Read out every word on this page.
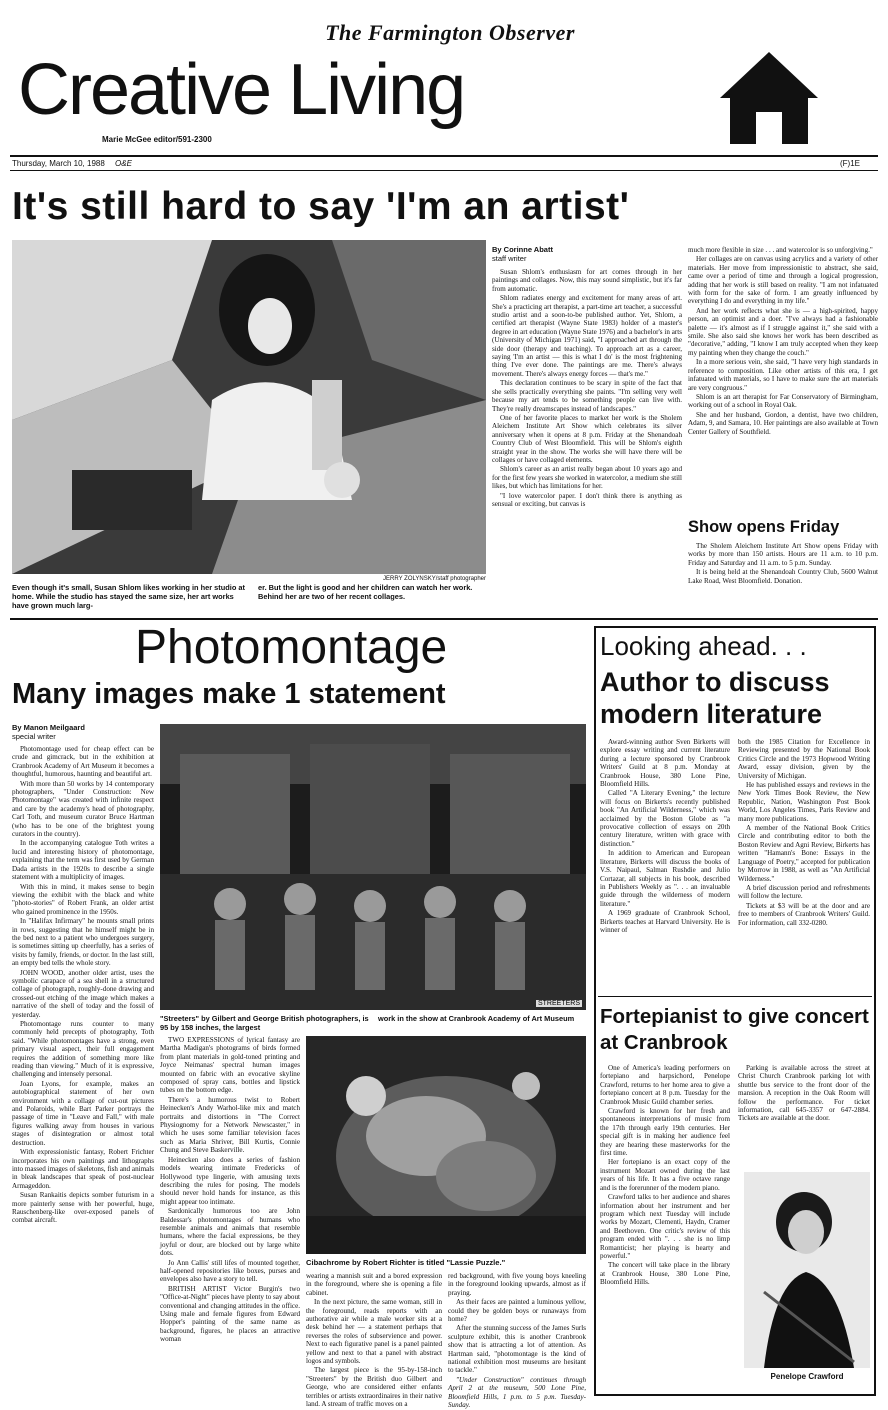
The Farmington Observer
Creative Living
Marie McGee editor/591-2300
Thursday, March 10, 1988 O&E	(F)1E
It's still hard to say 'I'm an artist'
JERRY ZOLYNSKY/staff photographer
Even though it's small, Susan Shlom likes working in her studio at home. While the studio has stayed the same size, her art works have grown much larg-
er. But the light is good and her children can watch her work. Behind her are two of her recent collages.
By Corinne Abatt
staff writer

Susan Shlom's enthusiasm for art comes through in her paintings and collages. Now, this may sound simplistic, but it's far from automatic.

Shlom radiates energy and excitement for many areas of art. She's a practicing art therapist, a part-time art teacher, a successful studio artist and a soon-to-be published author. Yet, Shlom, a certified art therapist (Wayne State 1983) holder of a master's degree in art education (Wayne State 1976) and a bachelor's in arts (University of Michigan 1971) said, "I approached art through the side door (therapy and teaching). To approach art as a career, saying 'I'm an artist — this is what I do' is the most frightening thing I've ever done. The paintings are me. There's always movement. There's always energy forces — that's me."

This declaration continues to be scary in spite of the fact that she sells practically everything she paints. "I'm selling very well because my art tends to be something people can live with. They're really dreamscapes instead of landscapes."

One of her favorite places to market her work is the Sholem Aleichem Institute Art Show which celebrates its silver anniversary when it opens at 8 p.m. Friday at the Shenandoah Country Club of West Bloomfield. This will be Shlom's eighth straight year in the show. The works she will have there will be collages or have collaged elements.

Shlom's career as an artist really began about 10 years ago and for the first few years she worked in watercolor, a medium she still likes, but which has limitations for her.

"I love watercolor paper. I don't think there is anything as sensual or exciting, but canvas is

much more flexible in size . . . and watercolor is so unforgiving."

Her collages are on canvas using acrylics and a variety of other materials. Her move from impressionistic to abstract, she said, came over a period of time and through a logical progression, adding that her work is still based on reality. "I am not infatuated with form for the sake of form. I am greatly influenced by everything I do and everything in my life."

And her work reflects what she is — a high-spirited, happy person, an optimist and a doer. "I've always had a fashionable palette — it's almost as if I struggle against it," she said with a smile. She also said she knows her work has been described as "decorative," adding, "I know I am truly accepted when they keep my painting when they change the couch."

In a more serious vein, she said, "I have very high standards in reference to composition. Like other artists of this era, I get infatuated with materials, so I have to make sure the art materials are very congruous."

Shlom is an art therapist for Far Conservatory of Birmingham, working out of a school in Royal Oak.

She and her husband, Gordon, a dentist, have two children, Adam, 9, and Samara, 10. Her paintings are also available at Town Center Gallery of Southfield.

Show opens Friday

The Sholem Aleichem Institute Art Show opens Friday with works by more than 150 artists. Hours are 11 a.m. to 10 p.m. Friday and Saturday and 11 a.m. to 5 p.m. Sunday.

It is being held at the Shenandoah Country Club, 5600 Walnut Lake Road, West Bloomfield. Donation.

Photomontage
Many images make 1 statement
By Manon Meilgaard
special writer

Photomontage used for cheap effect can be crude and gimcrack, but in the exhibition at Cranbrook Academy of Art Museum it becomes a thoughtful, humorous, haunting and beautiful art.

With more than 50 works by 14 contemporary photographers, "Under Construction: New Photomontage" was created with infinite respect and care by the academy's head of photography, Carl Toth, and museum curator Bruce Hartman (who has to be one of the brightest young curators in the country).

In the accompanying catalogue Toth writes a lucid and interesting history of photomontage, explaining that the term was first used by German Dada artists in the 1920s to describe a single statement with a multiplicity of images.

With this in mind, it makes sense to begin viewing the exhibit with the black and white "photo-stories" of Robert Frank, an older artist who gained prominence in the 1950s.

In "Halifax Infirmary" he mounts small prints in rows, suggesting that he himself might be in the bed next to a patient who undergoes surgery, is sometimes sitting up cheerfully, has a series of visits by family, friends, or doctor. In the last still, an empty bed tells the whole story.

JOHN WOOD, another older artist, uses the symbolic carapace of a sea shell in a structured collage of photograph, roughly-done drawing and crossed-out etching of the image which makes a narrative of the shell of today and the fossil of yesterday.

Photomontage runs counter to many commonly held precepts of photography, Toth said. "While photomontages have a strong, even primary visual aspect, their full engagement requires the addition of something more like reading than viewing." Much of it is expressive, challenging and intensely personal.

Joan Lyons, for example, makes an autobiographical statement of her own environment with a collage of cut-out pictures and Polaroids, while Bart Parker portrays the passage of time in "Leave and Fall," with male figures walking away from houses in various stages of disintegration or almost total destruction.

With expressionistic fantasy, Robert Frichter incorporates his own paintings and lithographs into massed images of skeletons, fish and animals in bleak landscapes that speak of post-nuclear Armageddon.

Susan Rankaitis depicts somber futurism in a more painterly sense with her powerful, huge, Rauschenberg-like over-exposed panels of combat aircraft.

STREETERS
"Streeters" by Gilbert and George British photographers, is 95 by 158 inches, the largest
work in the show at Cranbrook Academy of Art Museum

TWO EXPRESSIONS of lyrical fantasy are Martha Madigan's photograms of birds formed from plant materials in gold-toned printing and Joyce Neimanas' spectral human images mounted on fabric with an evocative skyline composed of spray cans, bottles and lipstick tubes on the bottom edge.

There's a humorous twist to Robert Heinecken's Andy Warhol-like mix and match portraits and distortions in "The Correct Physiognomy for a Network Newscaster," in which he uses some familiar television faces such as Maria Shriver, Bill Kurtis, Connie Chung and Steve Baskerville.

Heinecken also does a series of fashion models wearing intimate Fredericks of Hollywood type lingerie, with amusing texts describing the rules for posing. The models should never hold hands for instance, as this might appear too intimate.

Sardonically humorous too are John Baldessar's photomontages of humans who resemble animals and animals that resemble humans, where the facial expressions, be they joyful or dour, are blocked out by large white dots.

Jo Ann Callis' still lifes of mounted together, half-opened repositories like boxes, purses and envelopes also have a story to tell.

BRITISH ARTIST Victor Burgin's two "Office-at-Night" pieces have plenty to say about conventional and changing attitudes in the office. Using male and female figures from Edward Hopper's painting of the same name as background, figures, he places an attractive woman

Cibachrome by Robert Richter is titled "Lassie Puzzle."

wearing a mannish suit and a bored expression in the foreground, where she is opening a file cabinet.

In the next picture, the same woman, still in the foreground, reads reports with an authorative air while a male worker sits at a desk behind her — a statement perhaps that reverses the roles of subservience and power. Next to each figurative panel is a panel painted yellow and next to that a panel with abstract logos and symbols.

The largest piece is the 95-by-158-inch "Streeters" by the British duo Gilbert and George, who are considered either enfants terribles or artists extraordinaires in their native land. A stream of traffic moves on a

red background, with five young boys kneeling in the foreground looking upwards, almost as if praying.

As their faces are painted a luminous yellow, could they be golden boys or runaways from home?

After the stunning success of the James Surls sculpture exhibit, this is another Cranbrook show that is attracting a lot of attention. As Hartman said, "photomontage is the kind of national exhibition most museums are hesitant to tackle."

"Under Construction" continues through April 2 at the museum, 500 Lone Pine, Bloomfield Hills, 1 p.m. to 5 p.m. Tuesday-Sunday.

Looking ahead. . .
Author to discuss modern literature

Award-winning author Sven Birkerts will explore essay writing and current literature during a lecture sponsored by Cranbrook Writers' Guild at 8 p.m. Monday at Cranbrook House, 380 Lone Pine, Bloomfield Hills.

Called "A Literary Evening," the lecture will focus on Birkerts's recently published book "An Artificial Wilderness," which was acclaimed by the Boston Globe as "a provocative collection of essays on 20th century literature, written with grace with distinction."

In addition to American and European literature, Birkerts will discuss the books of V.S. Naipaul, Salman Rushdie and Julio Cortazar, all subjects in his book, described in Publishers Weekly as ". . . an invaluable guide through the wilderness of modern literature."

A 1969 graduate of Cranbrook School, Birkerts teaches at Harvard University. He is winner of

both the 1985 Citation for Excellence in Reviewing presented by the National Book Critics Circle and the 1973 Hopwood Writing Award, essay division, given by the University of Michigan.

He has published essays and reviews in the New York Times Book Review, the New Republic, Nation, Washington Post Book World, Los Angeles Times, Paris Review and many more publications.

A member of the National Book Critics Circle and contributing editor to both the Boston Review and Agni Review, Birkerts has written "Hamann's Bone: Essays in the Language of Poetry," accepted for publication by Morrow in 1988, as well as "An Artificial Wilderness."

A brief discussion period and refreshments will follow the lecture.

Tickets at $3 will be at the door and are free to members of Cranbrook Writers' Guild. For information, call 332-0280.

Fortepianist to give concert at Cranbrook

One of America's leading performers on fortepiano and harpsichord, Penelope Crawford, returns to her home area to give a fortepiano concert at 8 p.m. Tuesday for the Cranbrook Music Guild chamber series.

Crawford is known for her fresh and spontaneous interpretations of music from the 17th through early 19th centuries. Her special gift is in making her audience feel they are hearing these masterworks for the first time.

Her fortepiano is an exact copy of the instrument Mozart owned during the last years of his life. It has a five octave range and is the forerunner of the modern piano.

Crawford talks to her audience and shares information about her instrument and her program which next Tuesday will include works by Mozart, Clementi, Haydn, Cramer and Beethoven. One critic's review of this program ended with ". . . she is no limp Romanticist; her playing is hearty and powerful."

The concert will take place in the library at Cranbrook House, 380 Lone Pine, Bloomfield Hills.

Parking is available across the street at Christ Church Cranbrook parking lot with shuttle bus service to the front door of the mansion. A reception in the Oak Room will follow the performance. For ticket information, call 645-3357 or 647-2884. Tickets are available at the door.

Penelope Crawford
